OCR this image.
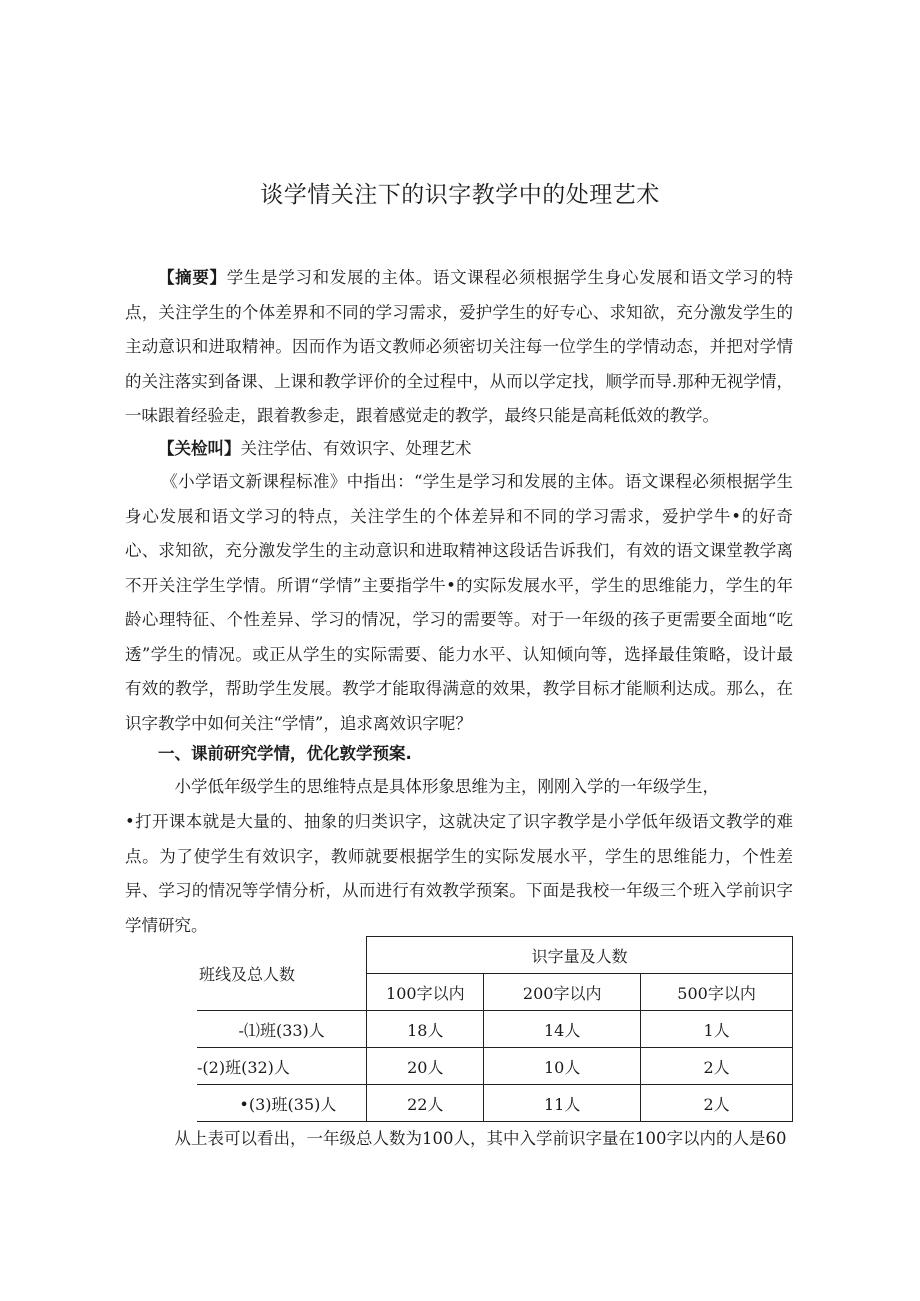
谈学情关注下的识字教学中的处理艺术

【摘要】学生是学习和发展的主体。语文课程必须根据学生身心发展和语文学习的特点，关注学生的个体差界和不同的学习需求，爱护学生的好专心、求知欲，充分激发学生的主动意识和进取精神。因而作为语文教师必须密切关注每一位学生的学情动态，并把对学情的关注落实到备课、上课和教学评价的全过程中，从而以学定找，顺学而导.那种无视学情，一味跟着经验走，跟着教参走，跟着感觉走的教学，最终只能是高耗低效的教学。

【关检叫】关注学估、有效识字、处理艺术

《小学语文新课程标准》中指出：“学生是学习和发展的主体。语文课程必须根据学生身心发展和语文学习的特点，关注学生的个体差异和不同的学习需求，爱护学牛•的好奇心、求知欲，充分激发学生的主动意识和进取精神这段话告诉我们，有效的语文课堂教学离不开关注学生学情。所谓“学情”主要指学牛•的实际发展水平，学生的思维能力，学生的年龄心理特征、个性差异、学习的情况，学习的需要等。对于一年级的孩子更需要全面地“吃透”学生的情况。或正从学生的实际需要、能力水平、认知倾向等，选择最佳策略，设计最有效的教学，帮助学生发展。教学才能取得满意的效果，教学目标才能顺利达成。那么，在识字教学中如何关注“学情”，追求离效识字呢？

一、课前研究学情，优化敦学预案.

小学低年级学生的思维特点是具体形象思维为主，刚刚入学的一年级学生，

•打开课本就是大量的、抽象的归类识字，这就决定了识字教学是小学低年级语文教学的难点。为了使学生有效识字，教师就要根据学生的实际发展水平，学生的思维能力，个性差异、学习的情况等学情分析，从而进行有效教学预案。下面是我校一年级三个班入学前识字学情研究。

班线及总人数	识字量及人数		
	100字以内	200字以内	500字以内
-⑴班(33)人	18人	14人	1人
-(2)班(32)人	20人	10人	2人
•(3)班(35)人	22人	11人	2人

从上表可以看出，一年级总人数为100人，其中入学前识字量在100字以内的人是60
